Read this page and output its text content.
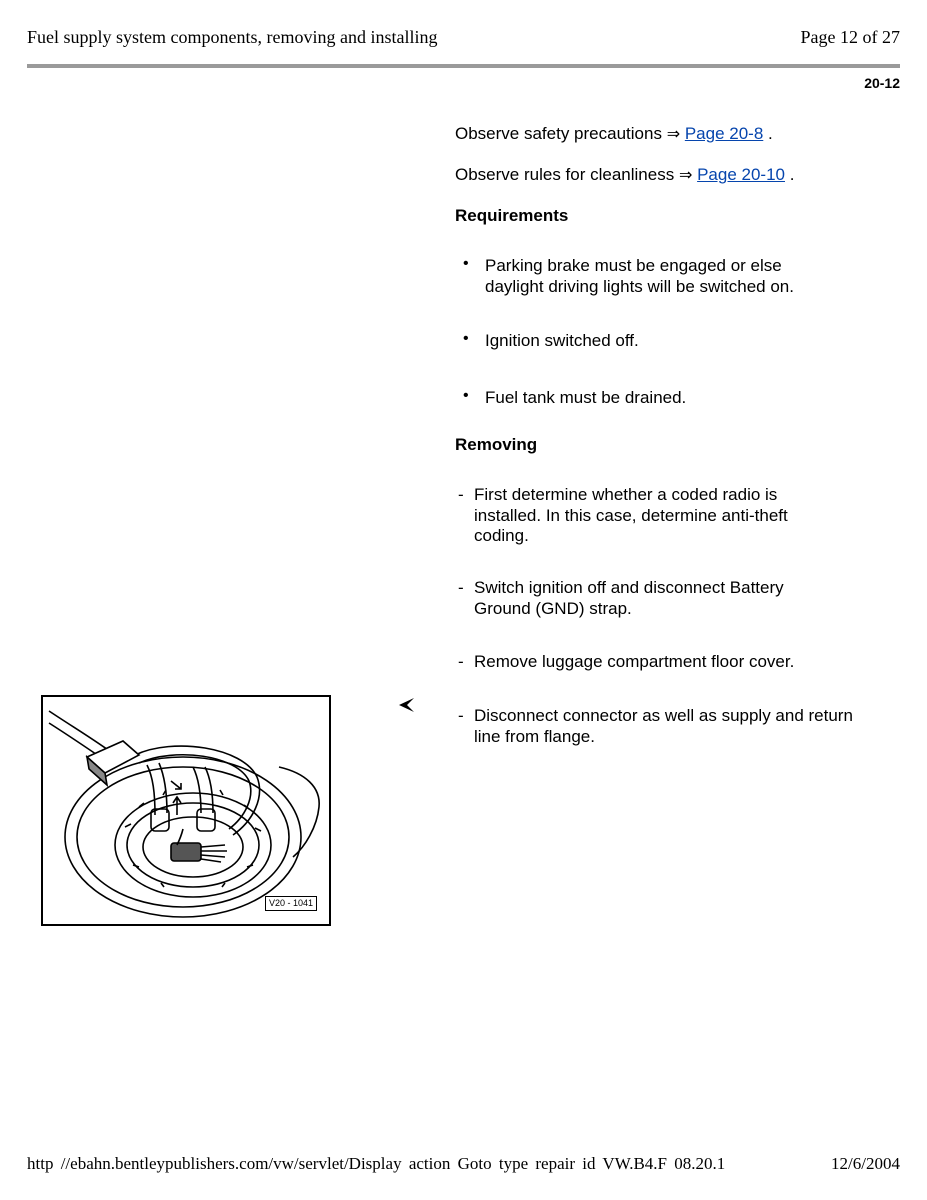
Fuel supply system components, removing and installing	Page 12 of 27
20-12
Observe safety precautions ⇒ Page 20-8 .
Observe rules for cleanliness ⇒ Page 20-10 .
Requirements
• Parking brake must be engaged or else
daylight driving lights will be switched on.
• Ignition switched off.
• Fuel tank must be drained.
Removing
- First determine whether a coded radio is
installed. In this case, determine anti-theft
coding.
- Switch ignition off and disconnect Battery
Ground (GND) strap.
- Remove luggage compartment floor cover.
- Disconnect connector as well as supply and return
line from flange.
V20 - 1041
http //ebahn.bentleypublishers.com/vw/servlet/Display action Goto type repair id VW.B4.F 08.20.1	12/6/2004
